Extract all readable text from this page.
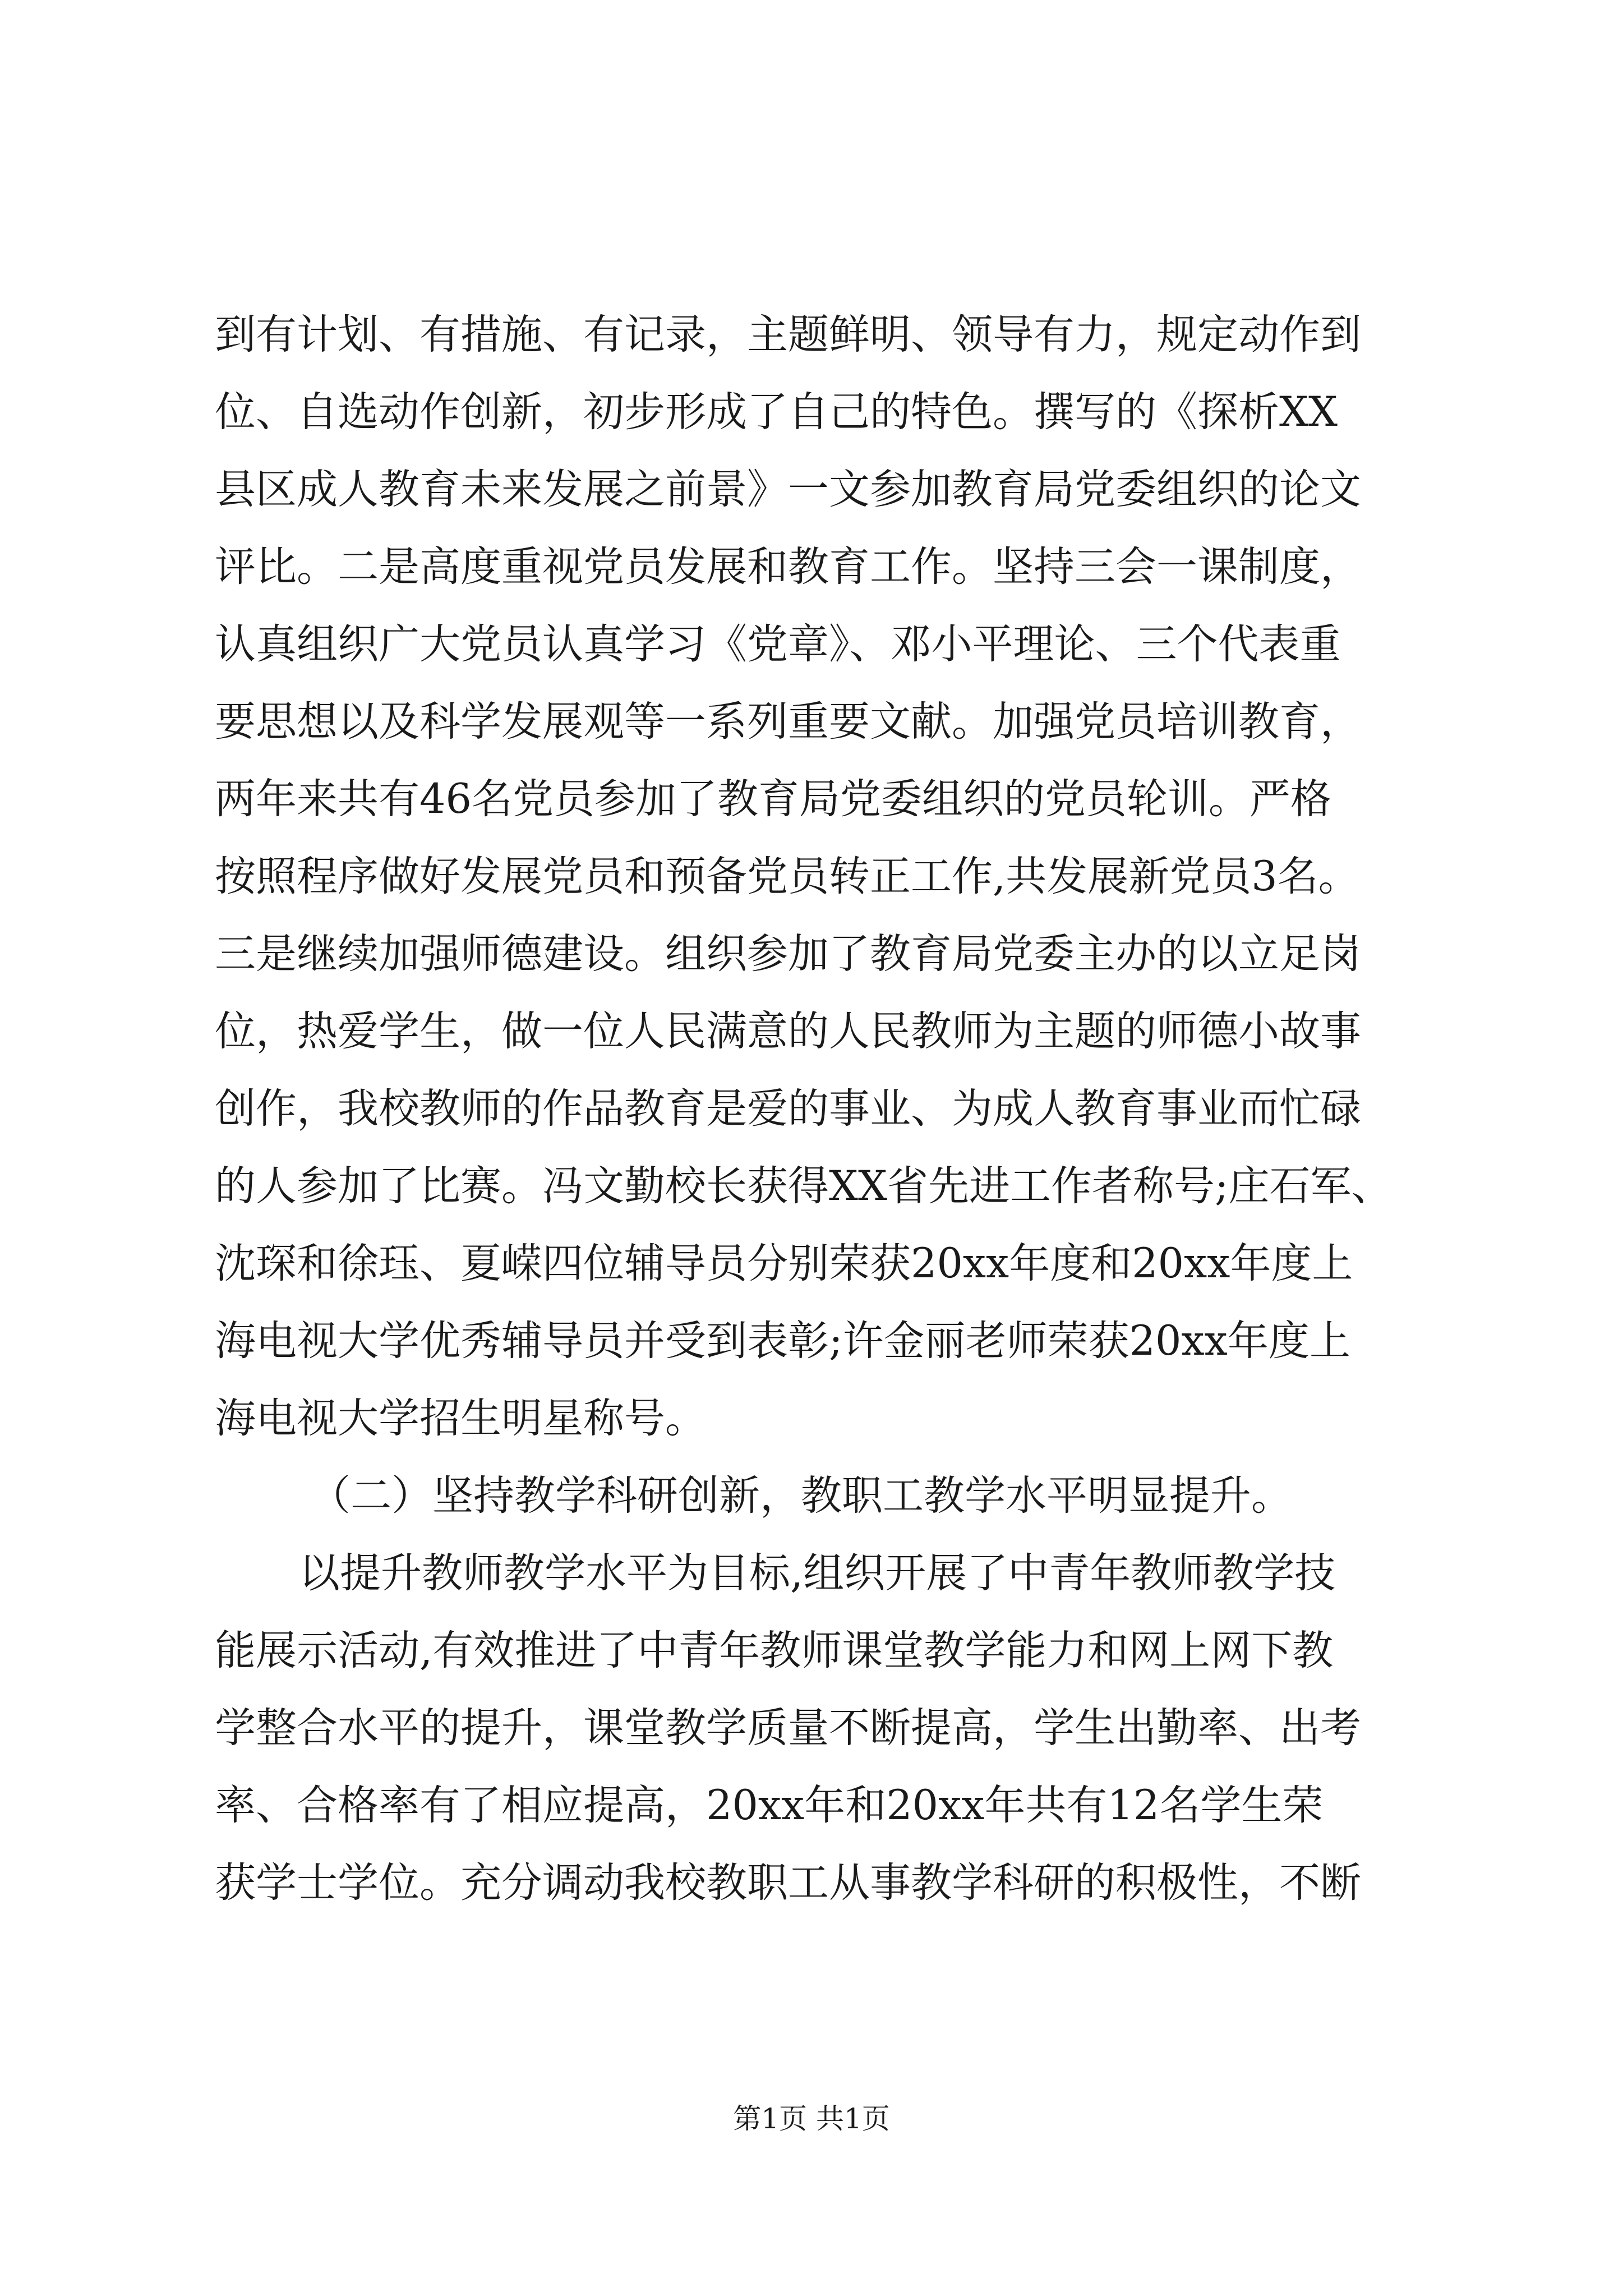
到有计划、有措施、有记录，主题鲜明、领导有力，规定动作到
位、自选动作创新，初步形成了自己的特色。撰写的《探析XX
县区成人教育未来发展之前景》一文参加教育局党委组织的论文
评比。二是高度重视党员发展和教育工作。坚持三会一课制度，
认真组织广大党员认真学习《党章》、邓小平理论、三个代表重
要思想以及科学发展观等一系列重要文献。加强党员培训教育，
两年来共有46名党员参加了教育局党委组织的党员轮训。严格
按照程序做好发展党员和预备党员转正工作,共发展新党员3名。
三是继续加强师德建设。组织参加了教育局党委主办的以立足岗
位，热爱学生，做一位人民满意的人民教师为主题的师德小故事
创作，我校教师的作品教育是爱的事业、为成人教育事业而忙碌
的人参加了比赛。冯文勤校长获得XX省先进工作者称号;庄石军、
沈琛和徐珏、夏嵘四位辅导员分别荣获20xx年度和20xx年度上
海电视大学优秀辅导员并受到表彰;许金丽老师荣获20xx年度上
海电视大学招生明星称号。
（二）坚持教学科研创新，教职工教学水平明显提升。
以提升教师教学水平为目标,组织开展了中青年教师教学技
能展示活动,有效推进了中青年教师课堂教学能力和网上网下教
学整合水平的提升，课堂教学质量不断提高，学生出勤率、出考
率、合格率有了相应提高，20xx年和20xx年共有12名学生荣
获学士学位。充分调动我校教职工从事教学科研的积极性，不断
第1页 共1页
